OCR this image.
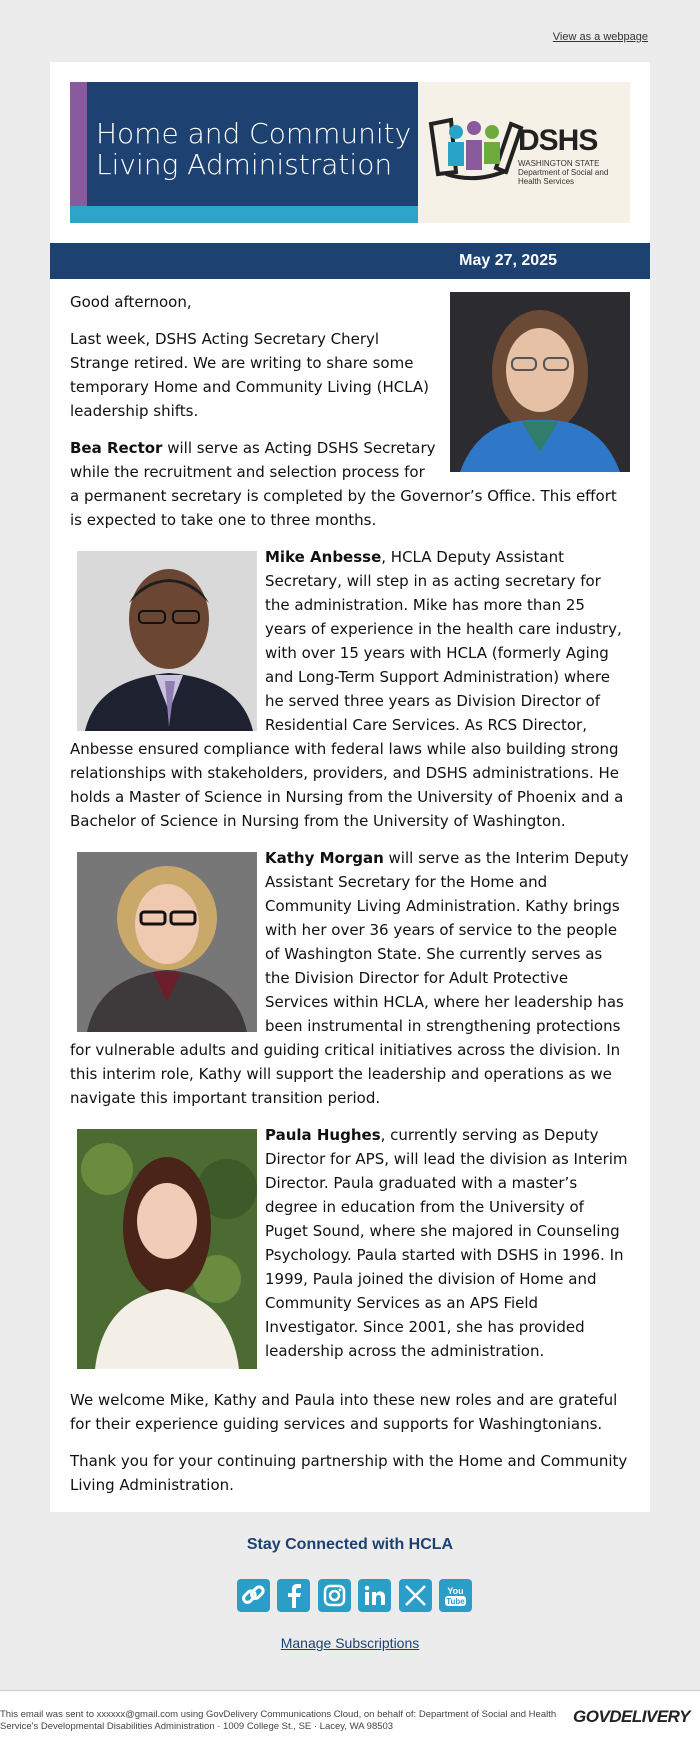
View as a webpage
Home and Community
Living Administration
DSHS
WASHINGTON STATE Department of Social and Health Services
May 27, 2025

Good afternoon,

Last week, DSHS Acting Secretary Cheryl Strange retired. We are writing to share some temporary Home and Community Living (HCLA) leadership shifts.

Bea Rector will serve as Acting DSHS Secretary while the recruitment and selection process for a permanent secretary is completed by the Governor’s Office. This effort is expected to take one to three months.

Mike Anbesse, HCLA Deputy Assistant Secretary, will step in as acting secretary for the administration. Mike has more than 25 years of experience in the health care industry, with over 15 years with HCLA (formerly Aging and Long-Term Support Administration) where he served three years as Division Director of Residential Care Services. As RCS Director, Anbesse ensured compliance with federal laws while also building strong relationships with stakeholders, providers, and DSHS administrations. He holds a Master of Science in Nursing from the University of Phoenix and a Bachelor of Science in Nursing from the University of Washington.

Kathy Morgan will serve as the Interim Deputy Assistant Secretary for the Home and Community Living Administration. Kathy brings with her over 36 years of service to the people of Washington State. She currently serves as the Division Director for Adult Protective Services within HCLA, where her leadership has been instrumental in strengthening protections for vulnerable adults and guiding critical initiatives across the division. In this interim role, Kathy will support the leadership and operations as we navigate this important transition period.

Paula Hughes, currently serving as Deputy Director for APS, will lead the division as Interim Director. Paula graduated with a master’s degree in education from the University of Puget Sound, where she majored in Counseling Psychology. Paula started with DSHS in 1996. In 1999, Paula joined the division of Home and Community Services as an APS Field Investigator. Since 2001, she has provided leadership across the administration.

We welcome Mike, Kathy and Paula into these new roles and are grateful for their experience guiding services and supports for Washingtonians.

Thank you for your continuing partnership with the Home and Community Living Administration.

Stay Connected with HCLA

You
Tube
Manage Subscriptions
This email was sent to xxxxxx@gmail.com using GovDelivery Communications Cloud, on behalf of: Department of Social and Health Service's Developmental Disabilities Administration · 1009 College St., SE · Lacey, WA 98503
GOVDELIVERY
